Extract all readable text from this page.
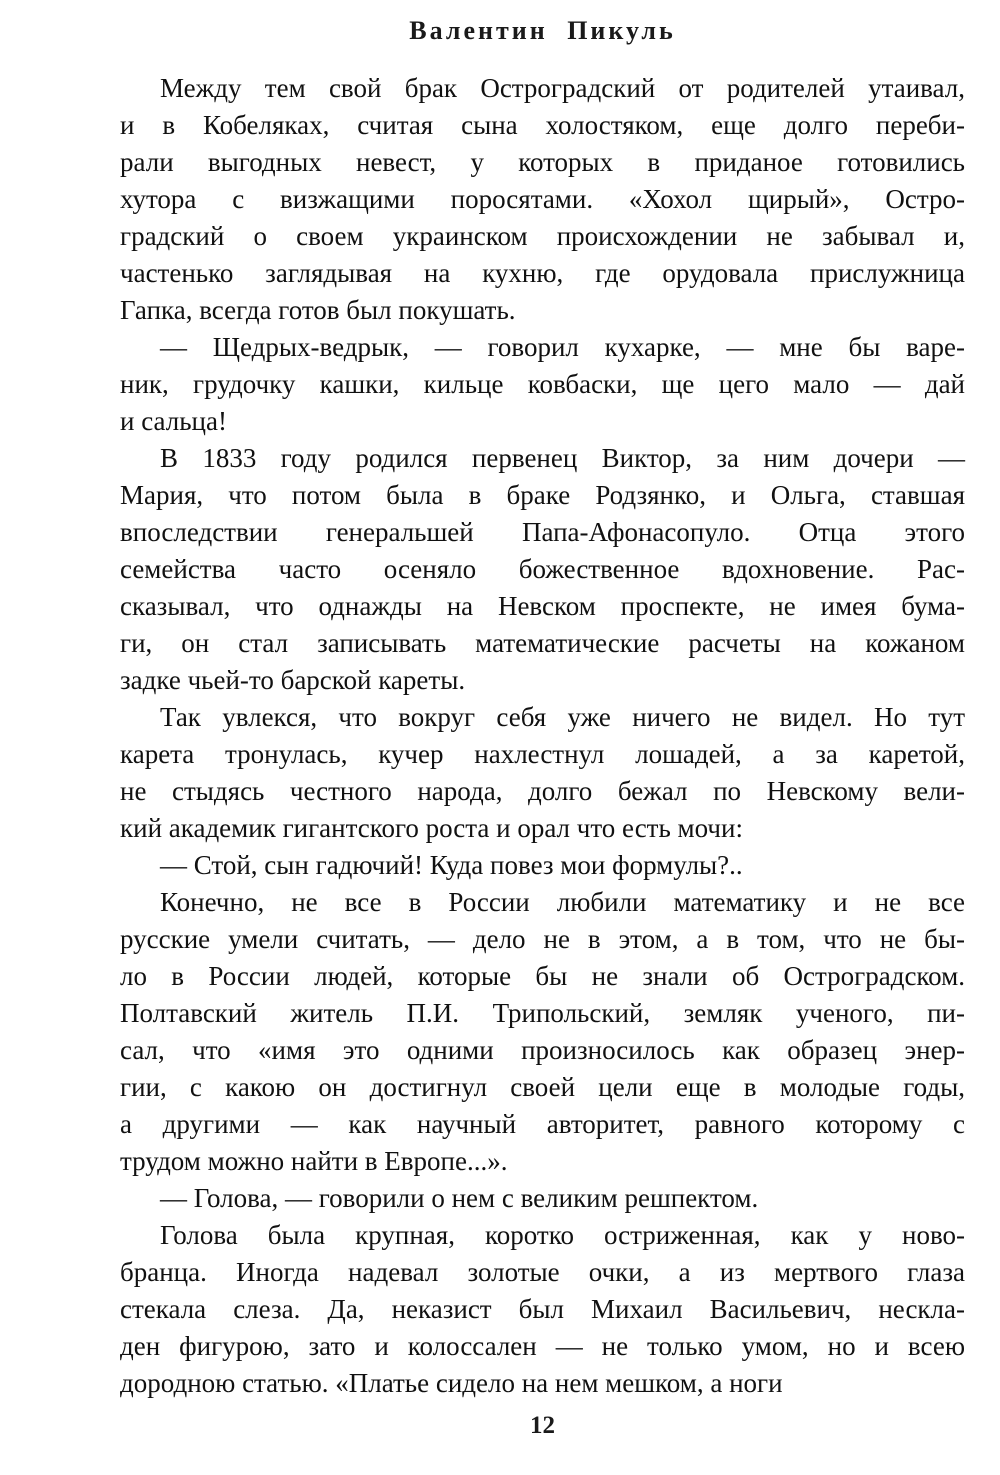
Валентин Пикуль
Между тем свой брак Остроградский от родителей утаивал,
и в Кобеляках, считая сына холостяком, еще долго переби-
рали выгодных невест, у которых в приданое готовились
хутора с визжащими поросятами. «Хохол щирый», Остро-
градский о своем украинском происхождении не забывал и,
частенько заглядывая на кухню, где орудовала прислужница
Гапка, всегда готов был покушать.
— Щедрых-ведрык, — говорил кухарке, — мне бы варе-
ник, грудочку кашки, кильце ковбаски, ще цего мало — дай
и сальца!
В 1833 году родился первенец Виктор, за ним дочери —
Мария, что потом была в браке Родзянко, и Ольга, ставшая
впоследствии генеральшей Папа-Афонасопуло. Отца этого
семейства часто осеняло божественное вдохновение. Рас-
сказывал, что однажды на Невском проспекте, не имея бума-
ги, он стал записывать математические расчеты на кожаном
задке чьей-то барской кареты.
Так увлекся, что вокруг себя уже ничего не видел. Но тут
карета тронулась, кучер нахлестнул лошадей, а за каретой,
не стыдясь честного народа, долго бежал по Невскому вели-
кий академик гигантского роста и орал что есть мочи:
— Стой, сын гадючий! Куда повез мои формулы?..
Конечно, не все в России любили математику и не все
русские умели считать, — дело не в этом, а в том, что не бы-
ло в России людей, которые бы не знали об Остроградском.
Полтавский житель П.И. Трипольский, земляк ученого, пи-
сал, что «имя это одними произносилось как образец энер-
гии, с какою он достигнул своей цели еще в молодые годы,
а другими — как научный авторитет, равного которому с
трудом можно найти в Европе...».
— Голова, — говорили о нем с великим решпектом.
Голова была крупная, коротко остриженная, как у ново-
бранца. Иногда надевал золотые очки, а из мертвого глаза
стекала слеза. Да, неказист был Михаил Васильевич, нескла-
ден фигурою, зато и колоссален — не только умом, но и всею
дородною статью. «Платье сидело на нем мешком, а ноги
12
